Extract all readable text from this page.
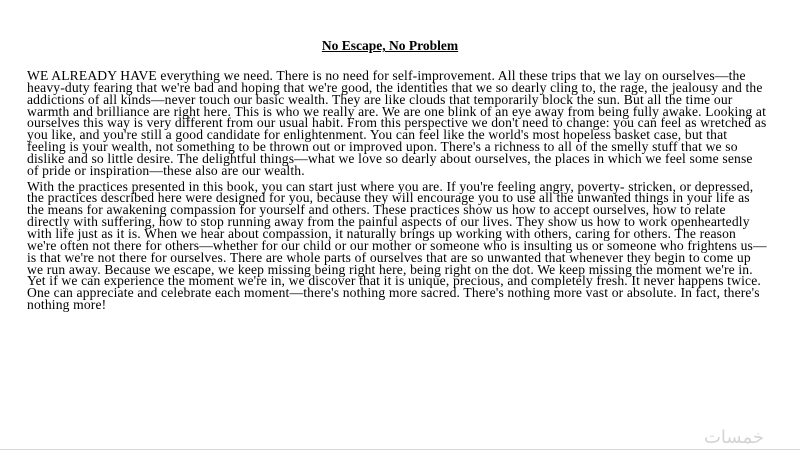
No Escape, No Problem

WE ALREADY HAVE everything we need. There is no need for self-improvement. All these trips that we lay on ourselves—the heavy-duty fearing that we're bad and hoping that we're good, the identities that we so dearly cling to, the rage, the jealousy and the addictions of all kinds—never touch our basic wealth. They are like clouds that temporarily block the sun. But all the time our warmth and brilliance are right here. This is who we really are. We are one blink of an eye away from being fully awake. Looking at ourselves this way is very different from our usual habit. From this perspective we don't need to change: you can feel as wretched as you like, and you're still a good candidate for enlightenment. You can feel like the world's most hopeless basket case, but that feeling is your wealth, not something to be thrown out or improved upon. There's a richness to all of the smelly stuff that we so dislike and so little desire. The delightful things—what we love so dearly about ourselves, the places in which we feel some sense of pride or inspiration—these also are our wealth.

With the practices presented in this book, you can start just where you are. If you're feeling angry, poverty- stricken, or depressed, the practices described here were designed for you, because they will encourage you to use all the unwanted things in your life as the means for awakening compassion for yourself and others. These practices show us how to accept ourselves, how to relate directly with suffering, how to stop running away from the painful aspects of our lives. They show us how to work openheartedly with life just as it is. When we hear about compassion, it naturally brings up working with others, caring for others. The reason we're often not there for others—whether for our child or our mother or someone who is insulting us or someone who frightens us—is that we're not there for ourselves. There are whole parts of ourselves that are so unwanted that whenever they begin to come up we run away. Because we escape, we keep missing being right here, being right on the dot. We keep missing the moment we're in. Yet if we can experience the moment we're in, we discover that it is unique, precious, and completely fresh. It never happens twice. One can appreciate and celebrate each moment—there's nothing more sacred. There's nothing more vast or absolute. In fact, there's nothing more!

خمسات
